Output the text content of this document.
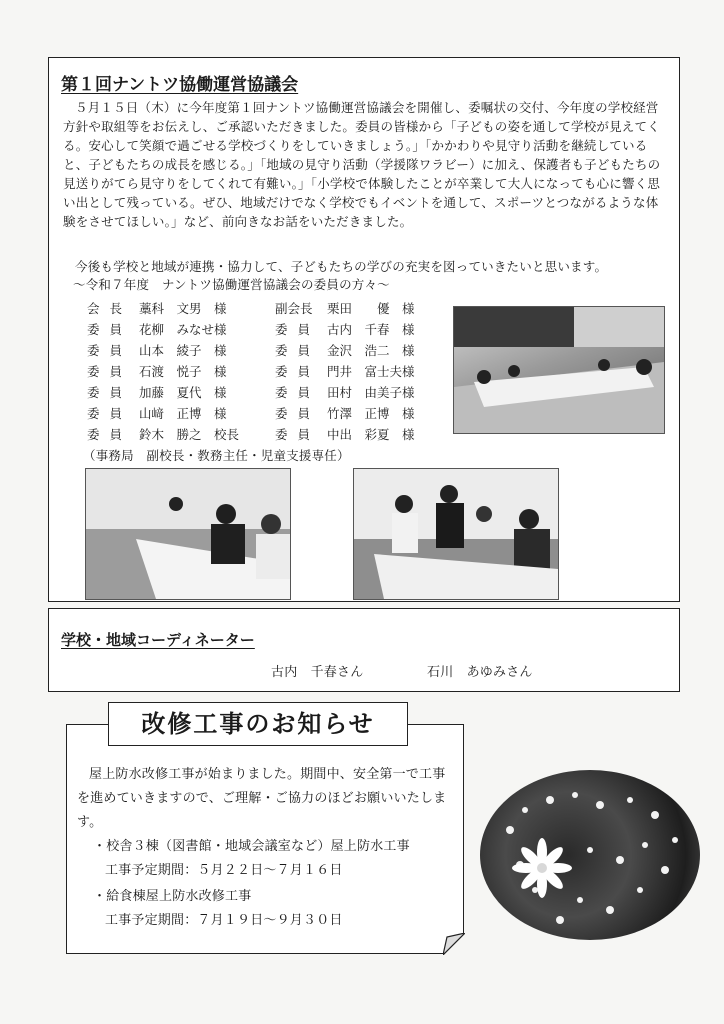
第１回ナントツ協働運営協議会
５月１５日（木）に今年度第１回ナントツ協働運営協議会を開催し、委嘱状の交付、今年度の学校経営方針や取組等をお伝えし、ご承認いただきました。委員の皆様から「子どもの姿を通して学校が見えてくる。安心して笑顔で過ごせる学校づくりをしていきましょう。」「かかわりや見守り活動を継続していると、子どもたちの成長を感じる。」「地域の見守り活動（学援隊ワラビー）に加え、保護者も子どもたちの見送りがてら見守りをしてくれて有難い。」「小学校で体験したことが卒業して大人になっても心に響く思い出として残っている。ぜひ、地域だけでなく学校でもイベントを通して、スポーツとつながるような体験をさせてほしい。」など、前向きなお話をいただきました。
今後も学校と地域が連携・協力して、子どもたちの学びの充実を図っていきたいと思います。
～令和７年度　ナントツ協働運営協議会の委員の方々～
会長 藁科　文男　様
委員 花柳　みなせ様
委員 山本　綾子　様
委員 石渡　悦子　様
委員 加藤　夏代　様
委員 山﨑　正博　様
委員 鈴木　勝之　校長
副会長	栗田　　優　様
委員 古内　千春　様
委員 金沢　浩二　様
委員 門井　富士夫様
委員 田村　由美子様
委員 竹澤　正博　様
委員 中出　彩夏　様
（事務局　副校長・教務主任・児童支援専任）
学校・地域コーディネーター
古内　千春さん	石川　あゆみさん
屋上防水改修工事が始まりました。期間中、安全第一で工事を進めていきますので、ご理解・ご協力のほどお願いいたします。
・校舎３棟（図書館・地域会議室など）屋上防水工事
工事予定期間：５月２２日～７月１６日
・給食棟屋上防水改修工事
工事予定期間：７月１９日～９月３０日
改修工事のお知らせ
